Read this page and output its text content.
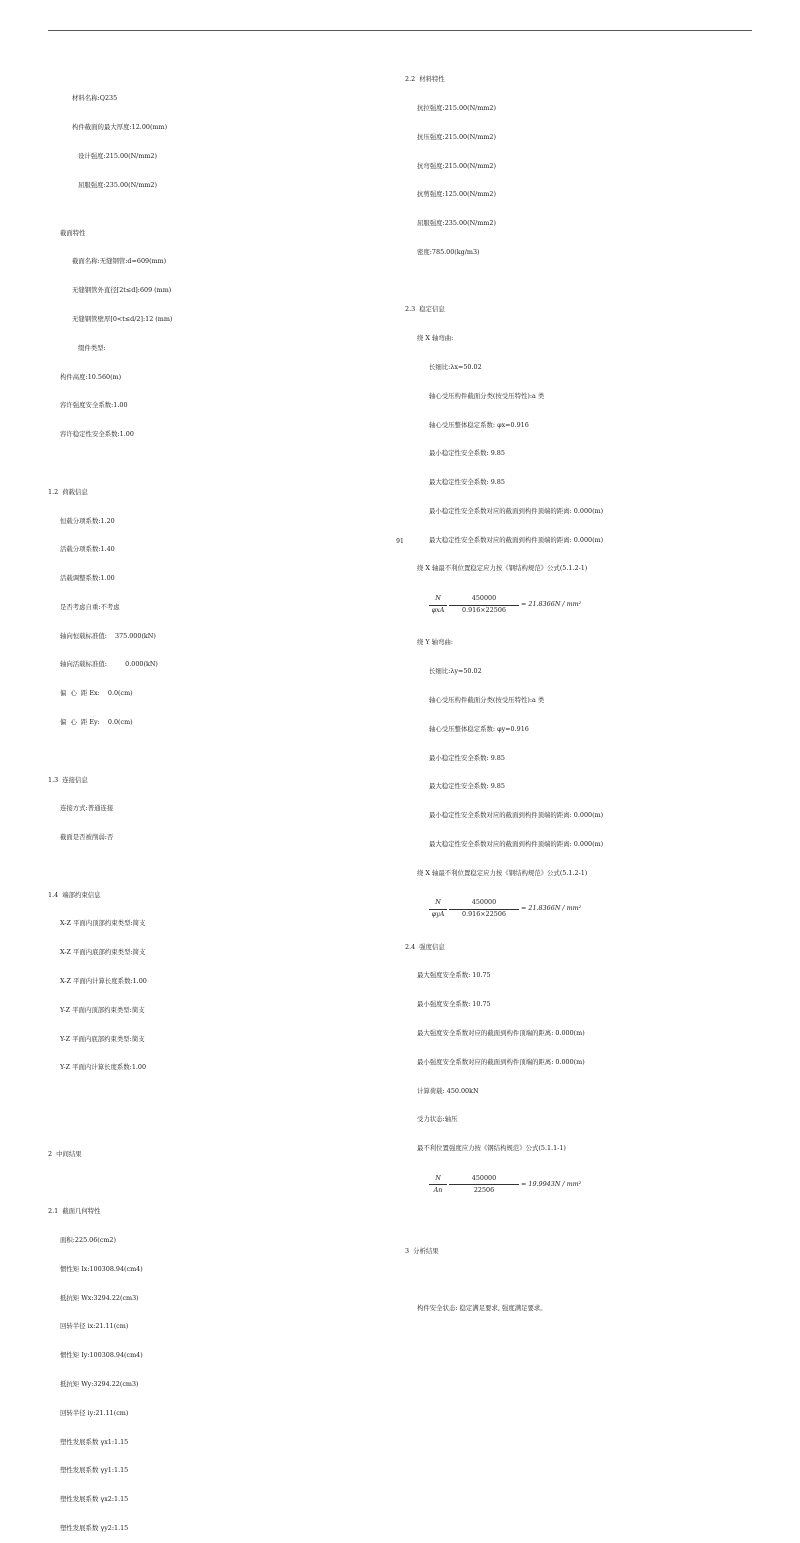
材料名称:Q235

构件截面的最大厚度:12.00(mm)

设计强度:215.00(N/mm2)

屈服强度:235.00(N/mm2)

截面特性

截面名称:无缝钢管:d=609(mm)

无缝钢管外直径[2t≤d]:609 (mm)

无缝钢管壁厚[0<t≤d/2]:12 (mm)

缀件类型:

构件高度:10.560(m)

容许强度安全系数:1.00

容许稳定性安全系数:1.00

1.2  荷载信息

恒载分项系数:1.20

活载分项系数:1.40

活载调整系数:1.00

是否考虑自重:不考虑

轴向恒载标准值:    375.000(kN)

轴向活载标准值:         0.000(kN)

偏  心  距 Ex:    0.0(cm)

偏  心  距 Ey:    0.0(cm)

1.3  连接信息

连接方式:普通连接

截面是否被削弱:否

1.4  端部约束信息

X-Z 平面内顶部约束类型:简支

X-Z 平面内底部约束类型:简支

X-Z 平面内计算长度系数:1.00

Y-Z 平面内顶部约束类型:简支

Y-Z 平面内底部约束类型:简支

Y-Z 平面内计算长度系数:1.00

2  中间结果

2.1  截面几何特性

面积:225.06(cm2)

惯性矩 Ix:100308.94(cm4)

抵抗矩 Wx:3294.22(cm3)

回转半径 ix:21.11(cm)

惯性矩 Iy:100308.94(cm4)

抵抗矩 Wy:3294.22(cm3)

回转半径 iy:21.11(cm)

塑性发展系数 γx1:1.15

塑性发展系数 γy1:1.15

塑性发展系数 γx2:1.15

塑性发展系数 γy2:1.15

2.2  材料特性

抗拉强度:215.00(N/mm2)

抗压强度:215.00(N/mm2)

抗弯强度:215.00(N/mm2)

抗剪强度:125.00(N/mm2)

屈服强度:235.00(N/mm2)

密度:785.00(kg/m3)

2.3  稳定信息

绕 X 轴弯曲:

长细比:λx=50.02

轴心受压构件截面分类(按受压特性):a 类

轴心受压整体稳定系数: φx=0.916

最小稳定性安全系数: 9.85

最大稳定性安全系数: 9.85

最小稳定性安全系数对应的截面到构件顶端的距离: 0.000(m)

最大稳定性安全系数对应的截面到构件顶端的距离: 0.000(m)

绕 X 轴最不利位置稳定应力按《钢结构规范》公式(5.1.2-1)

N

φxA

450000

0.916×22506

= 21.8366N / mm²

绕 Y 轴弯曲:

长细比:λy=50.02

轴心受压构件截面分类(按受压特性):a 类

轴心受压整体稳定系数: φy=0.916

最小稳定性安全系数: 9.85

最大稳定性安全系数: 9.85

最小稳定性安全系数对应的截面到构件顶端的距离: 0.000(m)

最大稳定性安全系数对应的截面到构件顶端的距离: 0.000(m)

绕 X 轴最不利位置稳定应力按《钢结构规范》公式(5.1.2-1)

N

φyA

450000

0.916×22506

= 21.8366N / mm²

2.4  强度信息

最大强度安全系数: 10.75

最小强度安全系数: 10.75

最大强度安全系数对应的截面到构件顶端的距离: 0.000(m)

最小强度安全系数对应的截面到构件顶端的距离: 0.000(m)

计算荷载: 450.00kN

受力状态:轴压

最不利位置强度应力按《钢结构规范》公式(5.1.1-1)

N

An

450000

22506

= 19.9943N / mm²

3  分析结果

构件安全状态: 稳定满足要求, 强度满足要求。

91
